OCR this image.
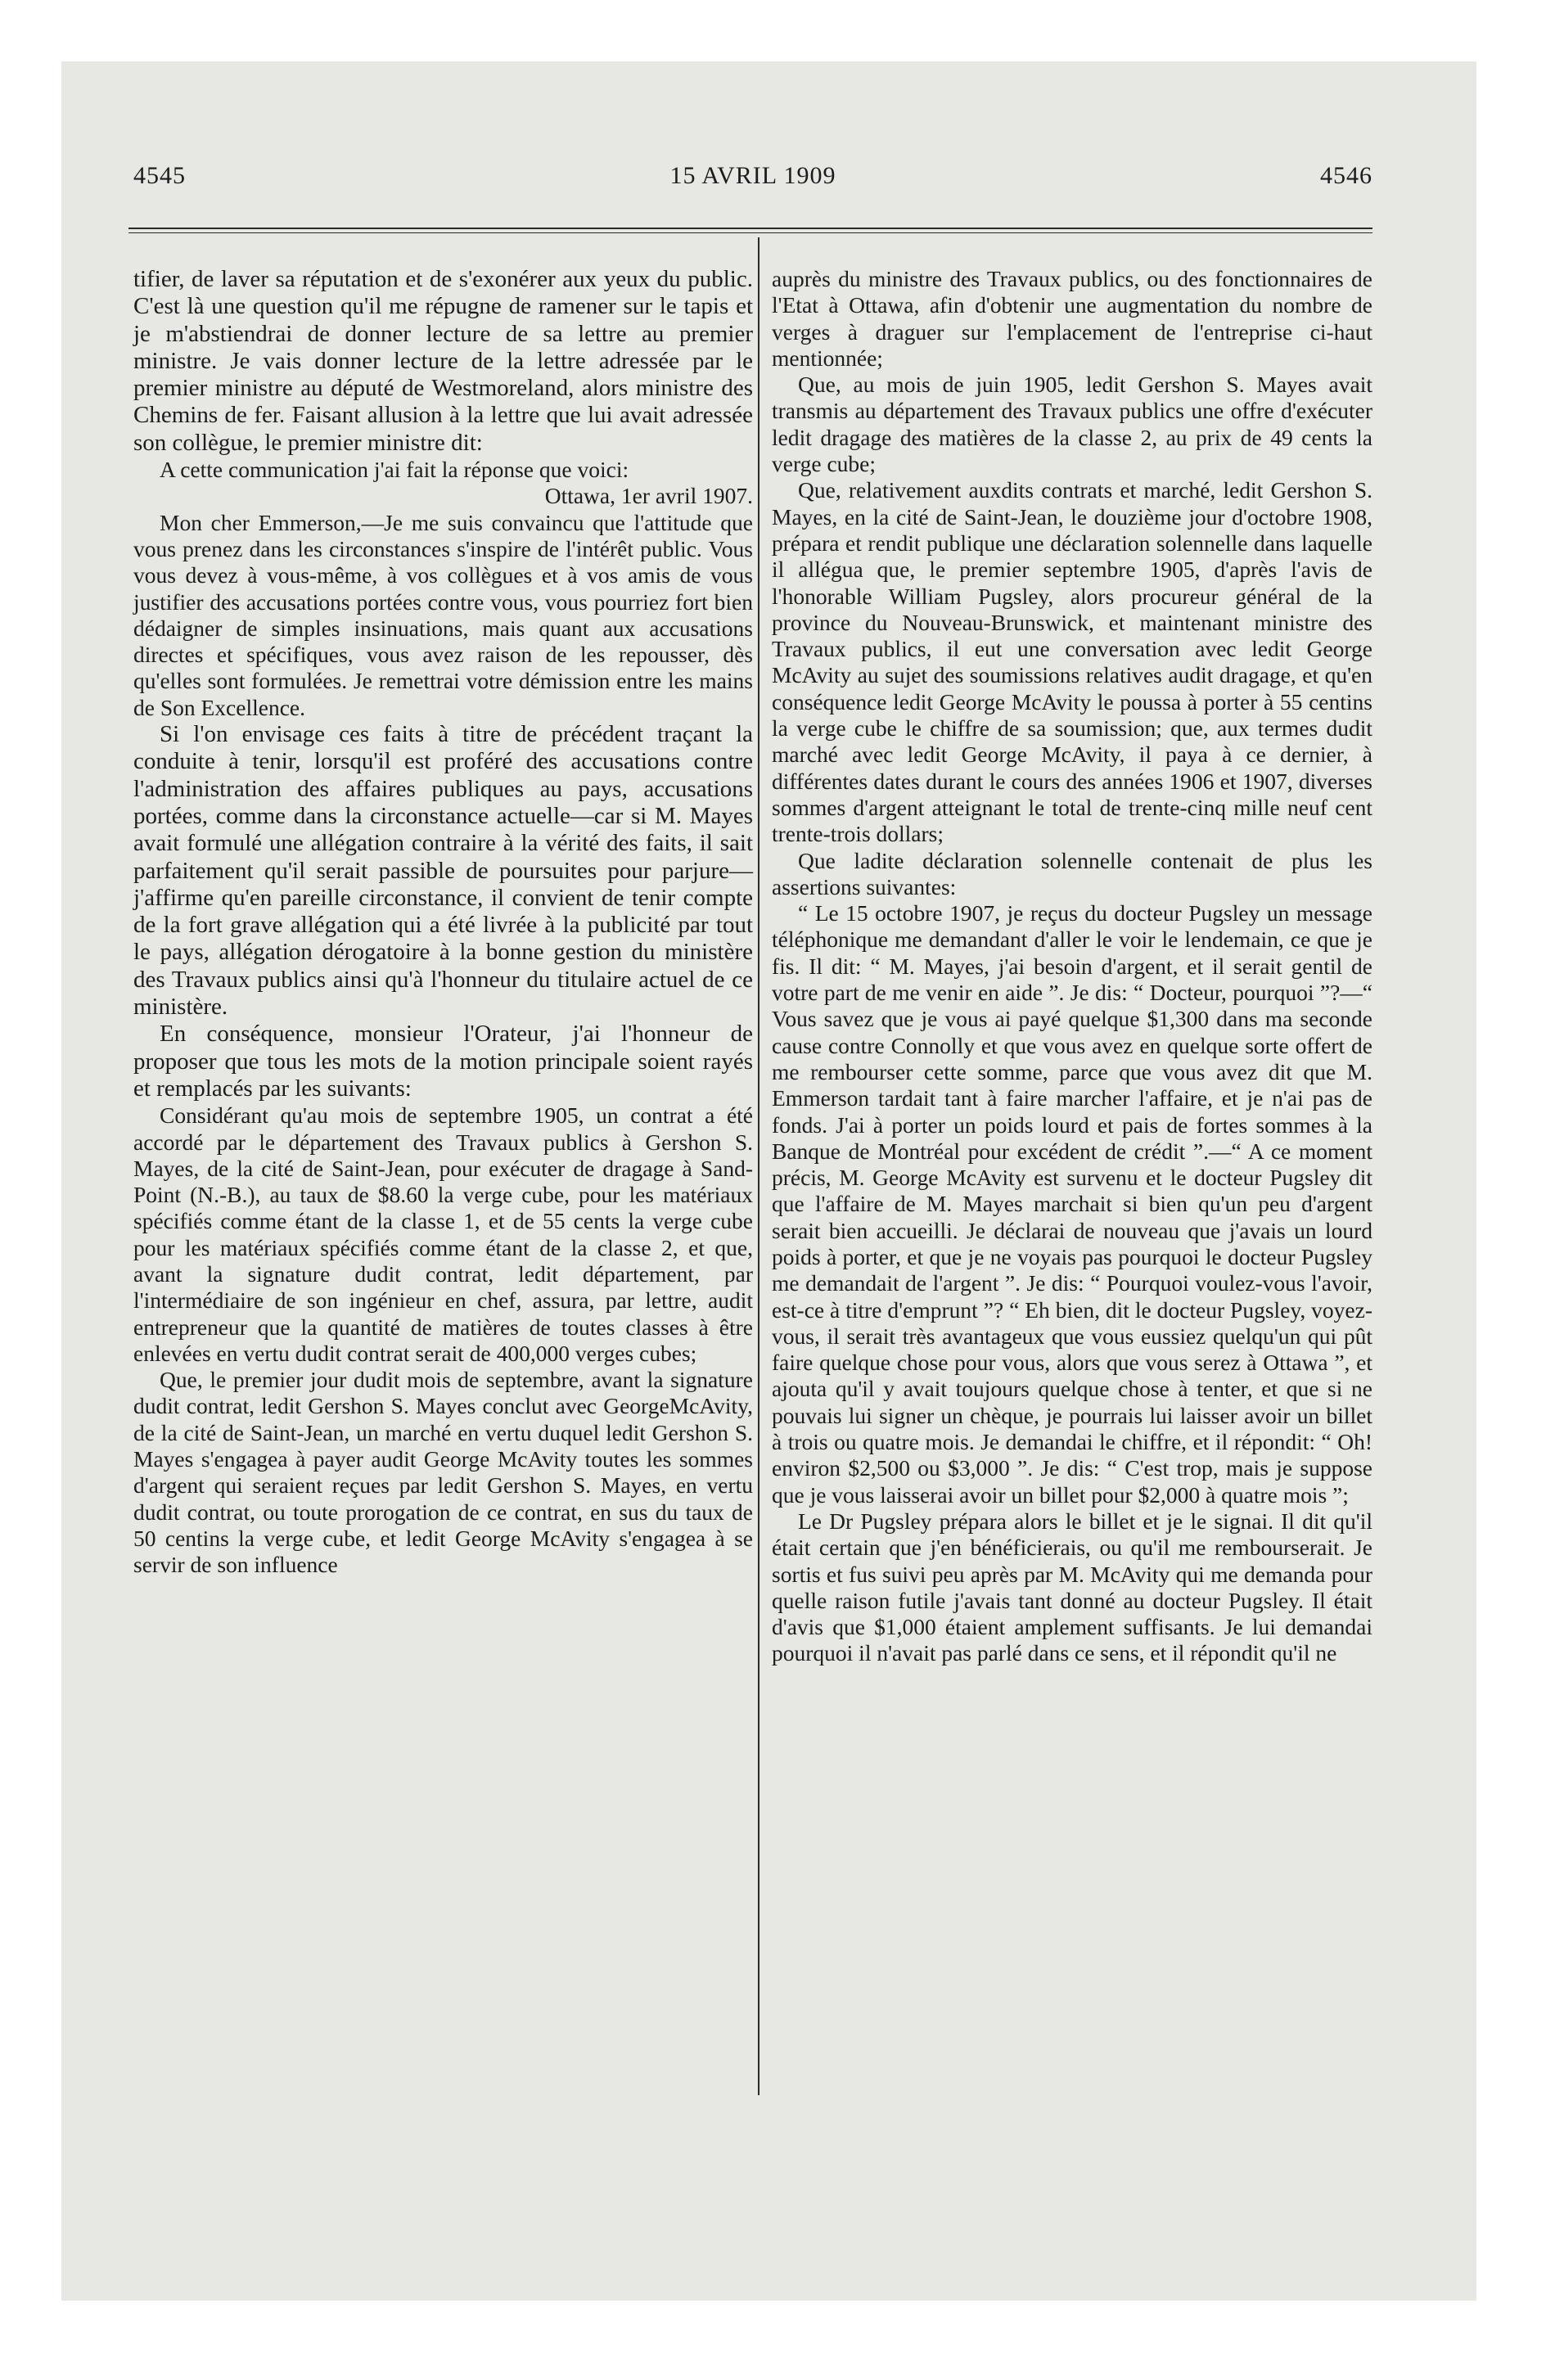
4545	15 AVRIL 1909	4546

tifier, de laver sa réputation et de s'exonérer aux yeux du public. C'est là une question qu'il me répugne de ramener sur le tapis et je m'abstiendrai de donner lecture de sa lettre au premier ministre. Je vais donner lecture de la lettre adressée par le premier ministre au député de Westmoreland, alors ministre des Chemins de fer. Faisant allusion à la lettre que lui avait adressée son collègue, le premier ministre dit:

A cette communication j'ai fait la réponse que voici:

Ottawa, 1er avril 1907.

Mon cher Emmerson,—Je me suis convaincu que l'attitude que vous prenez dans les circonstances s'inspire de l'intérêt public. Vous vous devez à vous-même, à vos collègues et à vos amis de vous justifier des accusations portées contre vous, vous pourriez fort bien dédaigner de simples insinuations, mais quant aux accusations directes et spécifiques, vous avez raison de les repousser, dès qu'elles sont formulées. Je remettrai votre démission entre les mains de Son Excellence.

Si l'on envisage ces faits à titre de précédent traçant la conduite à tenir, lorsqu'il est proféré des accusations contre l'administration des affaires publiques au pays, accusations portées, comme dans la circonstance actuelle—car si M. Mayes avait formulé une allégation contraire à la vérité des faits, il sait parfaitement qu'il serait passible de poursuites pour parjure—j'affirme qu'en pareille circonstance, il convient de tenir compte de la fort grave allégation qui a été livrée à la publicité par tout le pays, allégation dérogatoire à la bonne gestion du ministère des Travaux publics ainsi qu'à l'honneur du titulaire actuel de ce ministère.

En conséquence, monsieur l'Orateur, j'ai l'honneur de proposer que tous les mots de la motion principale soient rayés et remplacés par les suivants:

Considérant qu'au mois de septembre 1905, un contrat a été accordé par le département des Travaux publics à Gershon S. Mayes, de la cité de Saint-Jean, pour exécuter de dragage à Sand-Point (N.-B.), au taux de $8.60 la verge cube, pour les matériaux spécifiés comme étant de la classe 1, et de 55 cents la verge cube pour les matériaux spécifiés comme étant de la classe 2, et que, avant la signature dudit contrat, ledit département, par l'intermédiaire de son ingénieur en chef, assura, par lettre, audit entrepreneur que la quantité de matières de toutes classes à être enlevées en vertu dudit contrat serait de 400,000 verges cubes;

Que, le premier jour dudit mois de septembre, avant la signature dudit contrat, ledit Gershon S. Mayes conclut avec GeorgeMcAvity, de la cité de Saint-Jean, un marché en vertu duquel ledit Gershon S. Mayes s'engagea à payer audit George McAvity toutes les sommes d'argent qui seraient reçues par ledit Gershon S. Mayes, en vertu dudit contrat, ou toute prorogation de ce contrat, en sus du taux de 50 centins la verge cube, et ledit George McAvity s'engagea à se servir de son influence

auprès du ministre des Travaux publics, ou des fonctionnaires de l'Etat à Ottawa, afin d'obtenir une augmentation du nombre de verges à draguer sur l'emplacement de l'entreprise ci-haut mentionnée;

Que, au mois de juin 1905, ledit Gershon S. Mayes avait transmis au département des Travaux publics une offre d'exécuter ledit dragage des matières de la classe 2, au prix de 49 cents la verge cube;

Que, relativement auxdits contrats et marché, ledit Gershon S. Mayes, en la cité de Saint-Jean, le douzième jour d'octobre 1908, prépara et rendit publique une déclaration solennelle dans laquelle il allégua que, le premier septembre 1905, d'après l'avis de l'honorable William Pugsley, alors procureur général de la province du Nouveau-Brunswick, et maintenant ministre des Travaux publics, il eut une conversation avec ledit George McAvity au sujet des soumissions relatives audit dragage, et qu'en conséquence ledit George McAvity le poussa à porter à 55 centins la verge cube le chiffre de sa soumission; que, aux termes dudit marché avec ledit George McAvity, il paya à ce dernier, à différentes dates durant le cours des années 1906 et 1907, diverses sommes d'argent atteignant le total de trente-cinq mille neuf cent trente-trois dollars;

Que ladite déclaration solennelle contenait de plus les assertions suivantes:

“ Le 15 octobre 1907, je reçus du docteur Pugsley un message téléphonique me demandant d'aller le voir le lendemain, ce que je fis. Il dit: “ M. Mayes, j'ai besoin d'argent, et il serait gentil de votre part de me venir en aide ”. Je dis: “ Docteur, pourquoi ”?—“ Vous savez que je vous ai payé quelque $1,300 dans ma seconde cause contre Connolly et que vous avez en quelque sorte offert de me rembourser cette somme, parce que vous avez dit que M. Emmerson tardait tant à faire marcher l'affaire, et je n'ai pas de fonds. J'ai à porter un poids lourd et pais de fortes sommes à la Banque de Montréal pour excédent de crédit ”.—“ A ce moment précis, M. George McAvity est survenu et le docteur Pugsley dit que l'affaire de M. Mayes marchait si bien qu'un peu d'argent serait bien accueilli. Je déclarai de nouveau que j'avais un lourd poids à porter, et que je ne voyais pas pourquoi le docteur Pugsley me demandait de l'argent ”. Je dis: “ Pourquoi voulez-vous l'avoir, est-ce à titre d'emprunt ”? “ Eh bien, dit le docteur Pugsley, voyez-vous, il serait très avantageux que vous eussiez quelqu'un qui pût faire quelque chose pour vous, alors que vous serez à Ottawa ”, et ajouta qu'il y avait toujours quelque chose à tenter, et que si ne pouvais lui signer un chèque, je pourrais lui laisser avoir un billet à trois ou quatre mois. Je demandai le chiffre, et il répondit: “ Oh! environ $2,500 ou $3,000 ”. Je dis: “ C'est trop, mais je suppose que je vous laisserai avoir un billet pour $2,000 à quatre mois ”;

Le Dr Pugsley prépara alors le billet et je le signai. Il dit qu'il était certain que j'en bénéficierais, ou qu'il me rembourserait. Je sortis et fus suivi peu après par M. McAvity qui me demanda pour quelle raison futile j'avais tant donné au docteur Pugsley. Il était d'avis que $1,000 étaient amplement suffisants. Je lui demandai pourquoi il n'avait pas parlé dans ce sens, et il répondit qu'il ne
